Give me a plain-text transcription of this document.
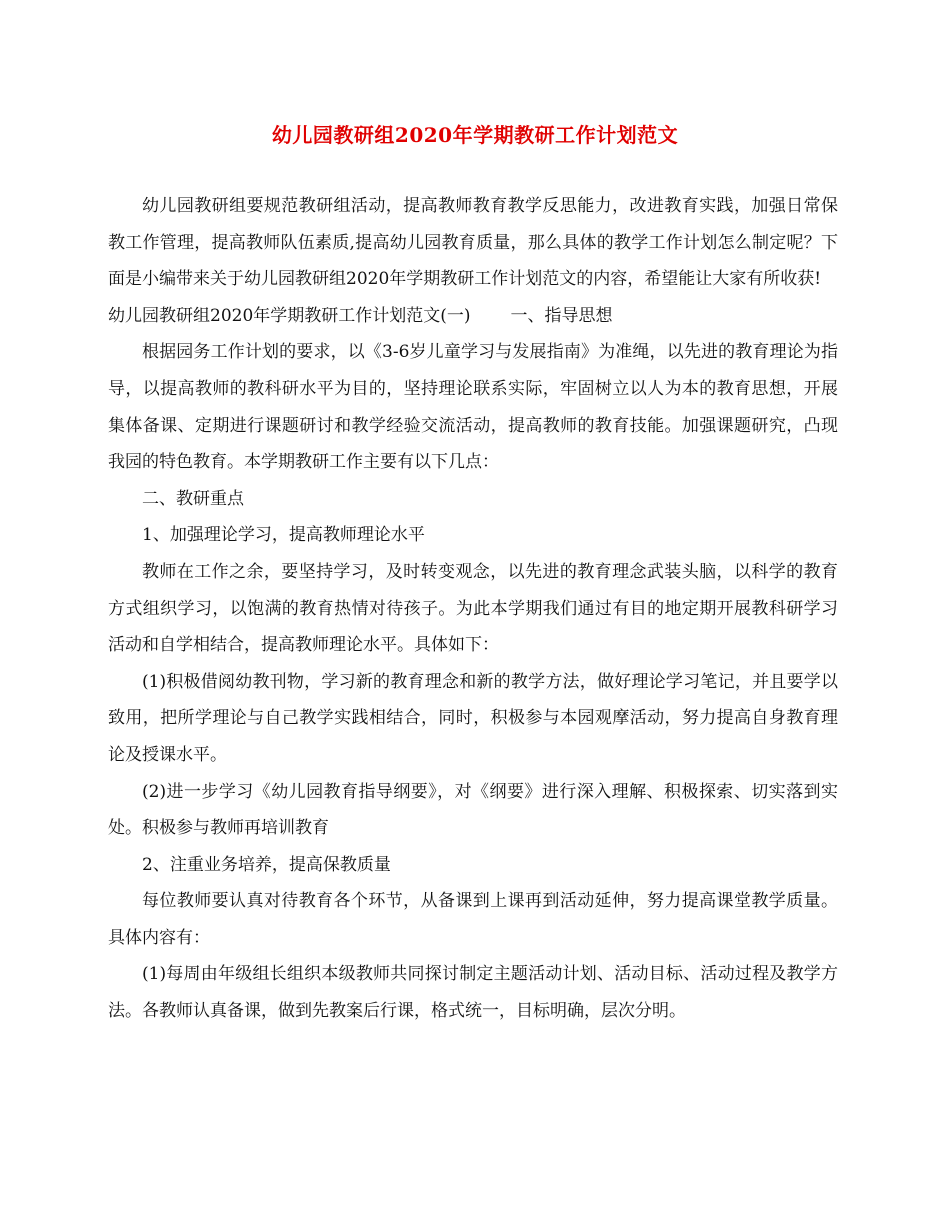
幼儿园教研组2020年学期教研工作计划范文

幼儿园教研组要规范教研组活动，提高教师教育教学反思能力，改进教育实践，加强日常保教工作管理，提高教师队伍素质,提高幼儿园教育质量，那么具体的教学工作计划怎么制定呢？下面是小编带来关于幼儿园教研组2020年学期教研工作计划范文的内容，希望能让大家有所收获!

幼儿园教研组2020年学期教研工作计划范文(一) 一、指导思想

根据园务工作计划的要求，以《3-6岁儿童学习与发展指南》为准绳，以先进的教育理论为指导，以提高教师的教科研水平为目的，坚持理论联系实际，牢固树立以人为本的教育思想，开展集体备课、定期进行课题研讨和教学经验交流活动，提高教师的教育技能。加强课题研究，凸现我园的特色教育。本学期教研工作主要有以下几点：

二、教研重点

1、加强理论学习，提高教师理论水平

教师在工作之余，要坚持学习，及时转变观念，以先进的教育理念武装头脑，以科学的教育方式组织学习，以饱满的教育热情对待孩子。为此本学期我们通过有目的地定期开展教科研学习活动和自学相结合，提高教师理论水平。具体如下：

(1)积极借阅幼教刊物，学习新的教育理念和新的教学方法，做好理论学习笔记，并且要学以致用，把所学理论与自己教学实践相结合，同时，积极参与本园观摩活动，努力提高自身教育理论及授课水平。

(2)进一步学习《幼儿园教育指导纲要》，对《纲要》进行深入理解、积极探索、切实落到实处。积极参与教师再培训教育

2、注重业务培养，提高保教质量

每位教师要认真对待教育各个环节，从备课到上课再到活动延伸，努力提高课堂教学质量。具体内容有：

(1)每周由年级组长组织本级教师共同探讨制定主题活动计划、活动目标、活动过程及教学方法。各教师认真备课，做到先教案后行课，格式统一，目标明确，层次分明。
